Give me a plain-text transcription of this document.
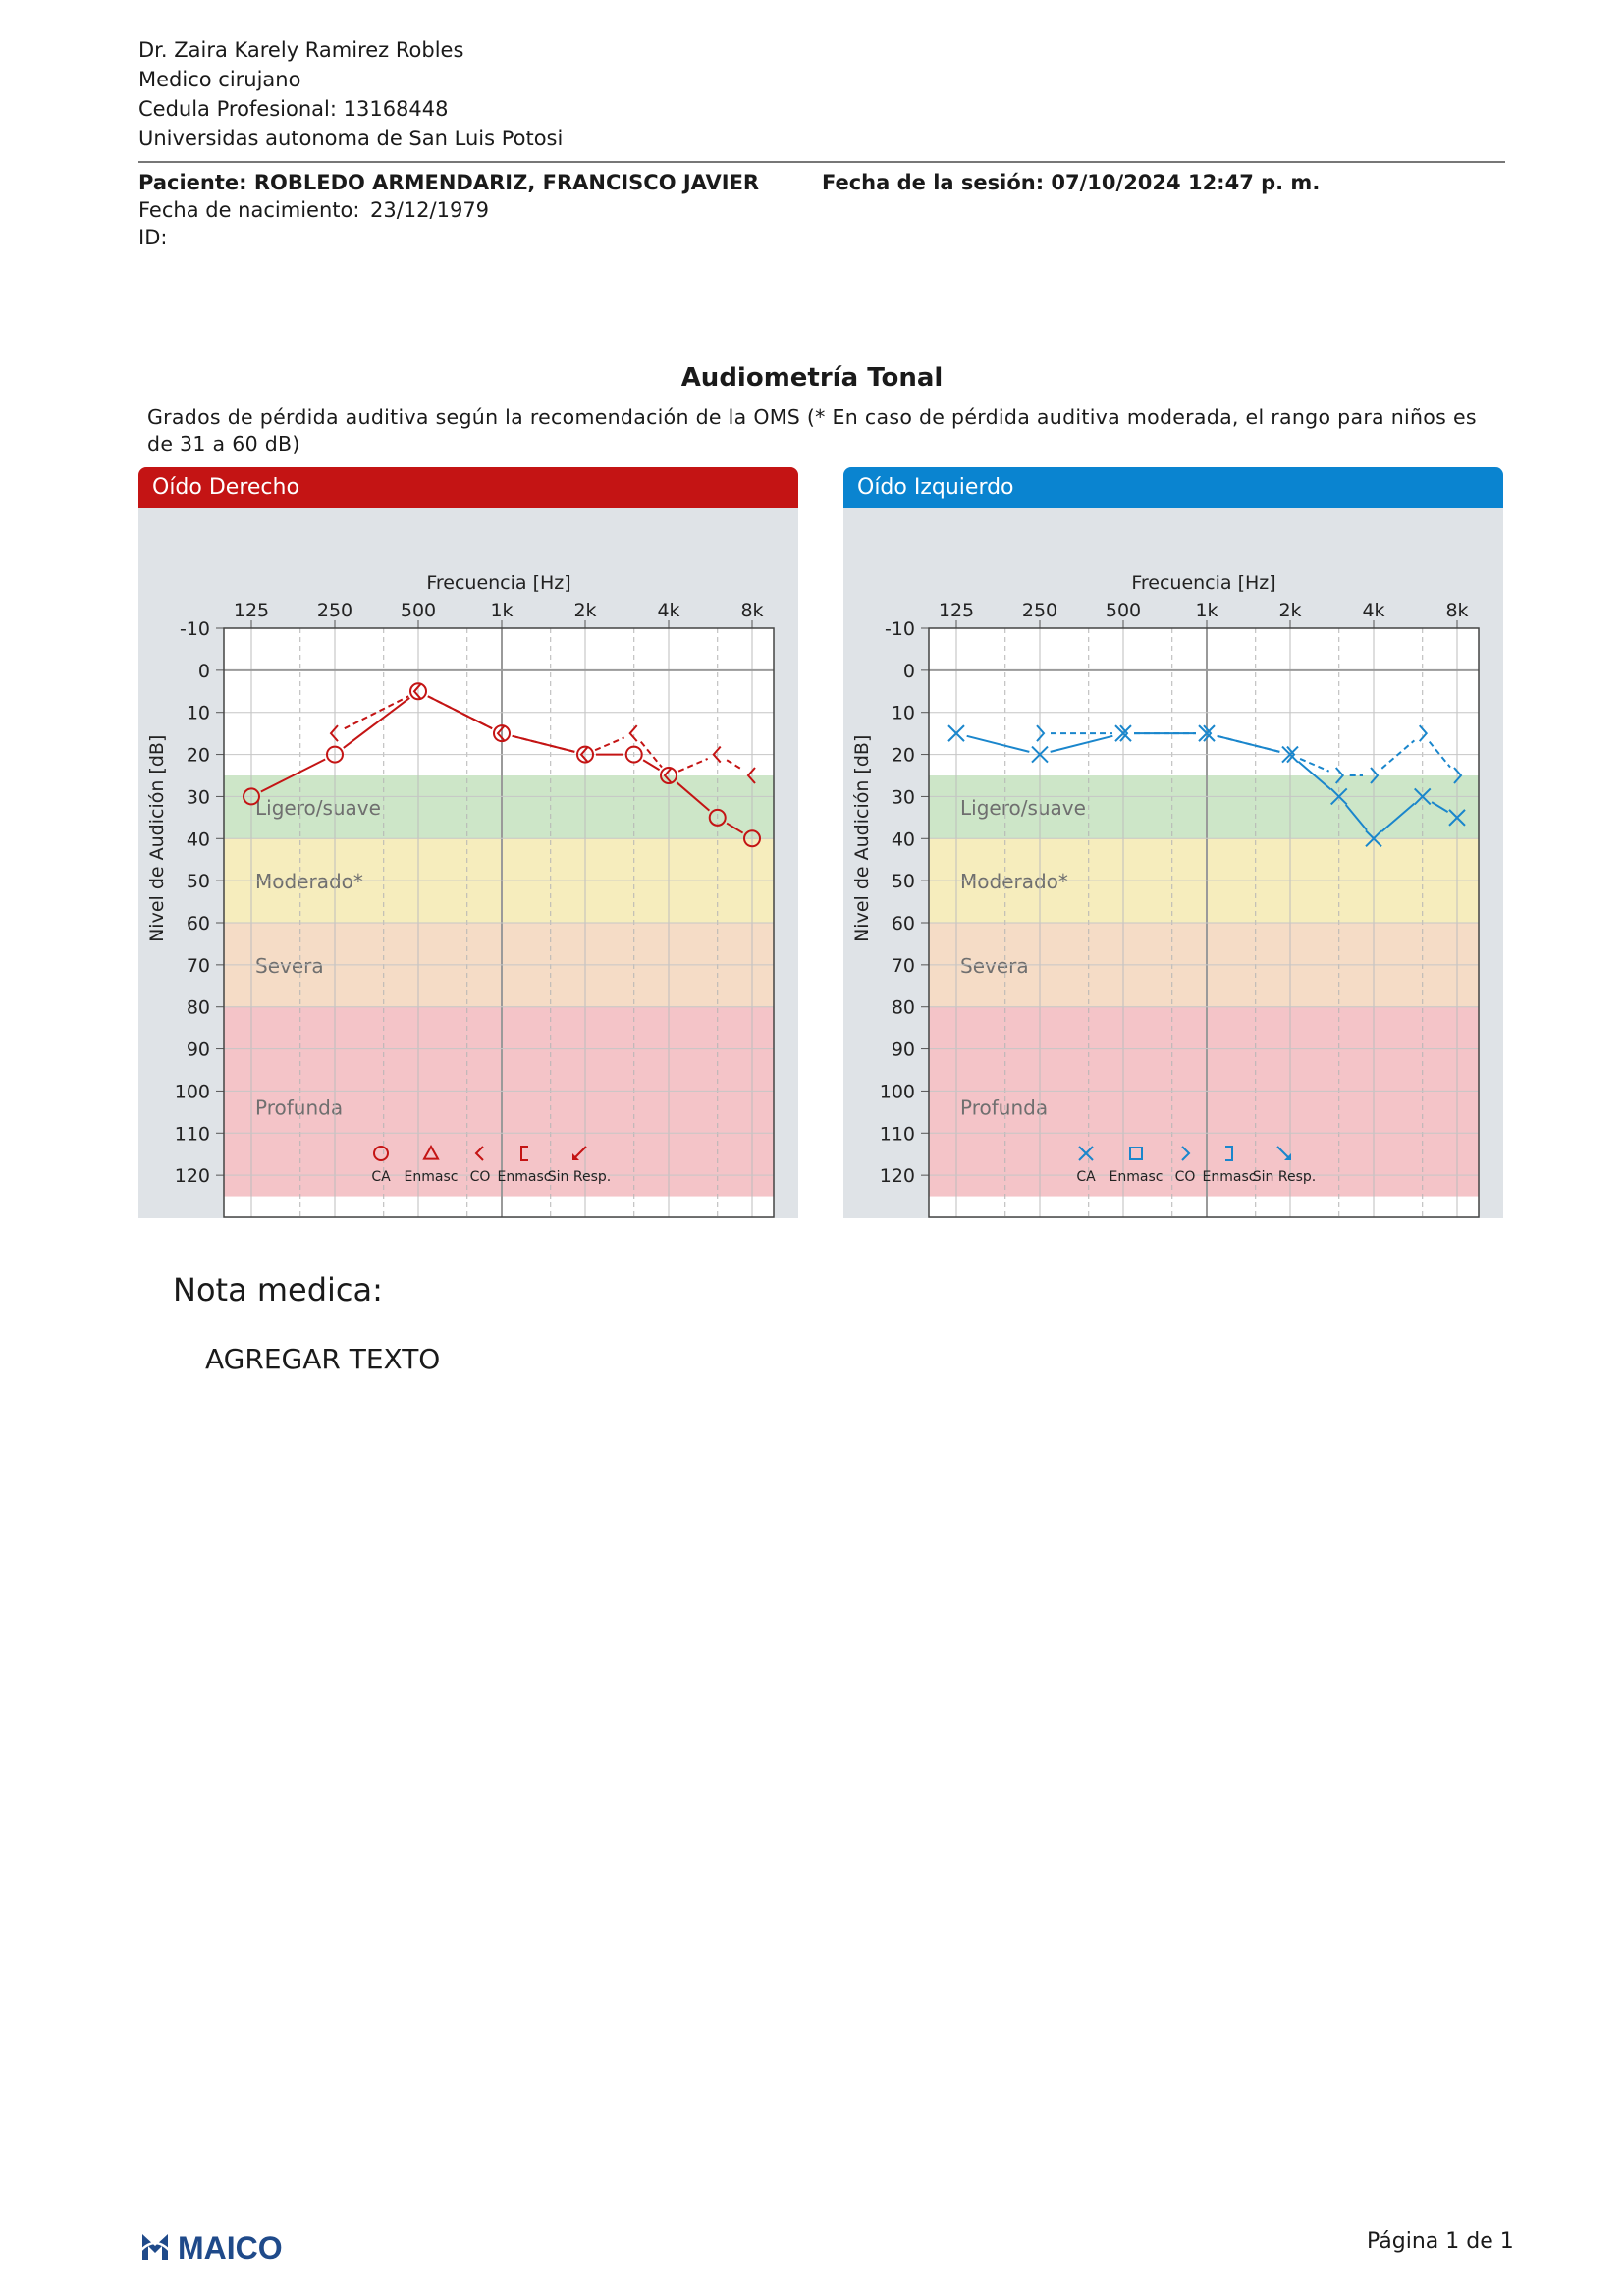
Dr. Zaira Karely Ramirez Robles
Medico cirujano
Cedula Profesional: 13168448
Universidas autonoma de San Luis Potosi
Paciente: ROBLEDO ARMENDARIZ, FRANCISCO JAVIER
Fecha de nacimiento: 23/12/1979
ID:
Fecha de la sesión: 07/10/2024 12:47 p. m.
Audiometría Tonal
Grados de pérdida auditiva según la recomendación de la OMS (* En caso de pérdida auditiva moderada, el rango para niños es de 31 a 60 dB)
Oído Derecho
Ligero/suave
Moderado*
Severa
Profunda
125	250	500	1k	2k	4k	8k
-10
0
10
20
30
40
50
60
70
80
90
100
110
120
Frecuencia [Hz]
Nivel de Audición [dB]
CA Enmasc CO Enmasc
Sin Resp.
Oído Izquierdo
Ligero/suave
Moderado*
Severa
Profunda
125	250	500	1k	2k	4k	8k
-10
0
10
20
30
40
50
60
70
80
90
100
110
120
Frecuencia [Hz]
Nivel de Audición [dB]
CA Enmasc CO Enmasc
Sin Resp.
Nota medica:
AGREGAR TEXTO
MAICO	Página 1 de 1
